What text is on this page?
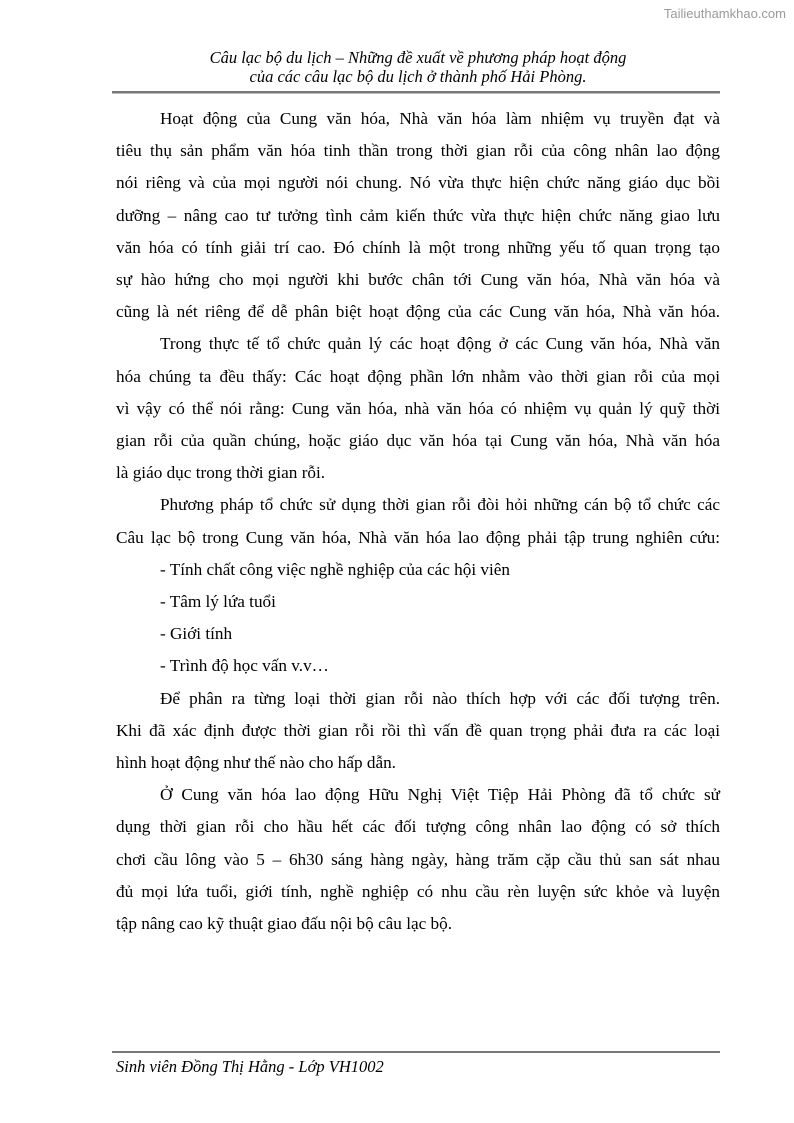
Tailieuthamkhao.com
Câu lạc bộ du lịch – Những đề xuất về phương pháp hoạt động
của các câu lạc bộ du lịch ở thành phố Hải Phòng.
Hoạt động của Cung văn hóa, Nhà văn hóa làm nhiệm vụ truyền đạt và
tiêu thụ sản phẩm văn hóa tinh thần trong thời gian rỗi của công nhân lao động
nói riêng và của mọi người nói chung. Nó vừa thực hiện chức năng giáo dục bồi
dưỡng – nâng cao tư tưởng tình cảm kiến thức vừa thực hiện chức năng giao lưu
văn hóa có tính giải trí cao. Đó chính là một trong những yếu tố quan trọng tạo
sự hào hứng cho mọi người khi bước chân tới Cung văn hóa, Nhà văn hóa và
cũng là nét riêng để dễ phân biệt hoạt động của các Cung văn hóa, Nhà văn hóa.
Trong thực tế tổ chức quản lý các hoạt động ở các Cung văn hóa, Nhà văn
hóa chúng ta đều thấy: Các hoạt động phần lớn nhằm vào thời gian rỗi của mọi
vì vậy có thể nói rằng: Cung văn hóa, nhà văn hóa có nhiệm vụ quản lý quỹ thời
gian rỗi của quần chúng, hoặc giáo dục văn hóa tại Cung văn hóa, Nhà văn hóa
là giáo dục trong thời gian rỗi.
Phương pháp tổ chức sử dụng thời gian rỗi đòi hỏi những cán bộ tổ chức các
Câu lạc bộ trong Cung văn hóa, Nhà văn hóa lao động phải tập trung nghiên cứu:
- Tính chất công việc nghề nghiệp của các hội viên
- Tâm lý lứa tuổi
- Giới tính
- Trình độ học vấn v.v…
Để phân ra từng loại thời gian rỗi nào thích hợp với các đối tượng trên.
Khi đã xác định được thời gian rỗi rồi thì vấn đề quan trọng phải đưa ra các loại
hình hoạt động như thế nào cho hấp dẫn.
Ở Cung văn hóa lao động Hữu Nghị Việt Tiệp Hải Phòng đã tổ chức sử
dụng thời gian rỗi cho hầu hết các đối tượng công nhân lao động có sở thích
chơi cầu lông vào 5 – 6h30 sáng hàng ngày, hàng trăm cặp cầu thủ san sát nhau
đủ mọi lứa tuổi, giới tính, nghề nghiệp có nhu cầu rèn luyện sức khỏe và luyện
tập nâng cao kỹ thuật giao đấu nội bộ câu lạc bộ.
Sinh viên Đồng Thị Hằng - Lớp VH1002
